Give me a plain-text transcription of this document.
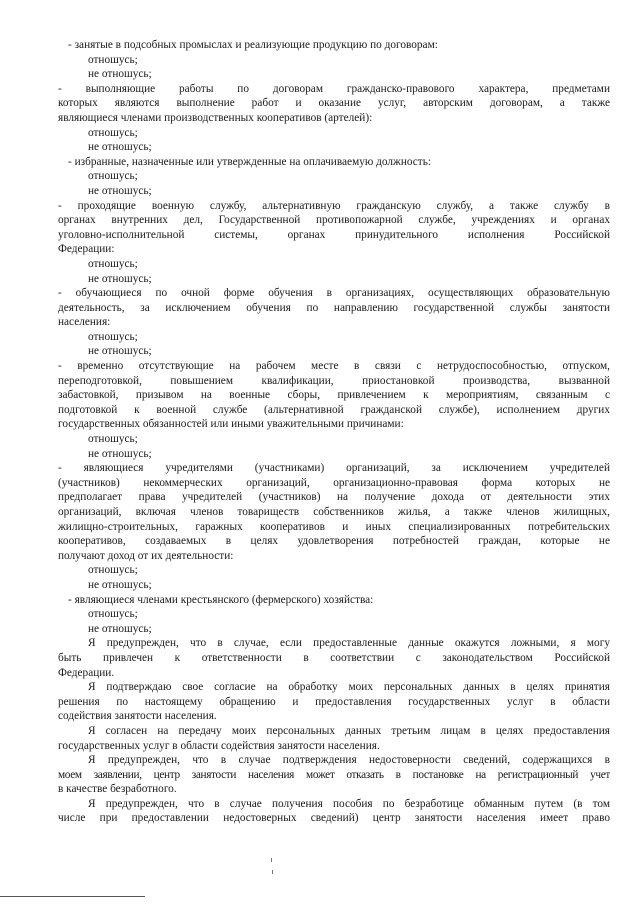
- занятые в подсобных промыслах и реализующие продукцию по договорам:
отношусь;
не отношусь;
- выполняющие работы по договорам гражданско-правового характера, предметами
которых являются выполнение работ и оказание услуг, авторским договорам, а также
являющиеся членами производственных кооперативов (артелей):
отношусь;
не отношусь;
- избранные, назначенные или утвержденные на оплачиваемую должность:
отношусь;
не отношусь;
- проходящие военную службу, альтернативную гражданскую службу, а также службу в
органах внутренних дел, Государственной противопожарной службе, учреждениях и органах
уголовно-исполнительной системы, органах принудительного исполнения Российской
Федерации:
отношусь;
не отношусь;
- обучающиеся по очной форме обучения в организациях, осуществляющих образовательную
деятельность, за исключением обучения по направлению государственной службы занятости
населения:
отношусь;
не отношусь;
- временно отсутствующие на рабочем месте в связи с нетрудоспособностью, отпуском,
переподготовкой, повышением квалификации, приостановкой производства, вызванной
забастовкой, призывом на военные сборы, привлечением к мероприятиям, связанным с
подготовкой к военной службе (альтернативной гражданской службе), исполнением других
государственных обязанностей или иными уважительными причинами:
отношусь;
не отношусь;
- являющиеся учредителями (участниками) организаций, за исключением учредителей
(участников) некоммерческих организаций, организационно-правовая форма которых не
предполагает права учредителей (участников) на получение дохода от деятельности этих
организаций, включая членов товариществ собственников жилья, а также членов жилищных,
жилищно-строительных, гаражных кооперативов и иных специализированных потребительских
кооперативов, создаваемых в целях удовлетворения потребностей граждан, которые не
получают доход от их деятельности:
отношусь;
не отношусь;
- являющиеся членами крестьянского (фермерского) хозяйства:
отношусь;
не отношусь;
Я предупрежден, что в случае, если предоставленные данные окажутся ложными, я могу
быть привлечен к ответственности в соответствии с законодательством Российской
Федерации.
Я подтверждаю свое согласие на обработку моих персональных данных в целях принятия
решения по настоящему обращению и предоставления государственных услуг в области
содействия занятости населения.
Я согласен на передачу моих персональных данных третьим лицам в целях предоставления
государственных услуг в области содействия занятости населения.
Я предупрежден, что в случае подтверждения недостоверности сведений, содержащихся в
моем заявлении, центр занятости населения может отказать в постановке на регистрационный учет
в качестве безработного.
Я предупрежден, что в случае получения пособия по безработице обманным путем (в том
числе при предоставлении недостоверных сведений) центр занятости населения имеет право
